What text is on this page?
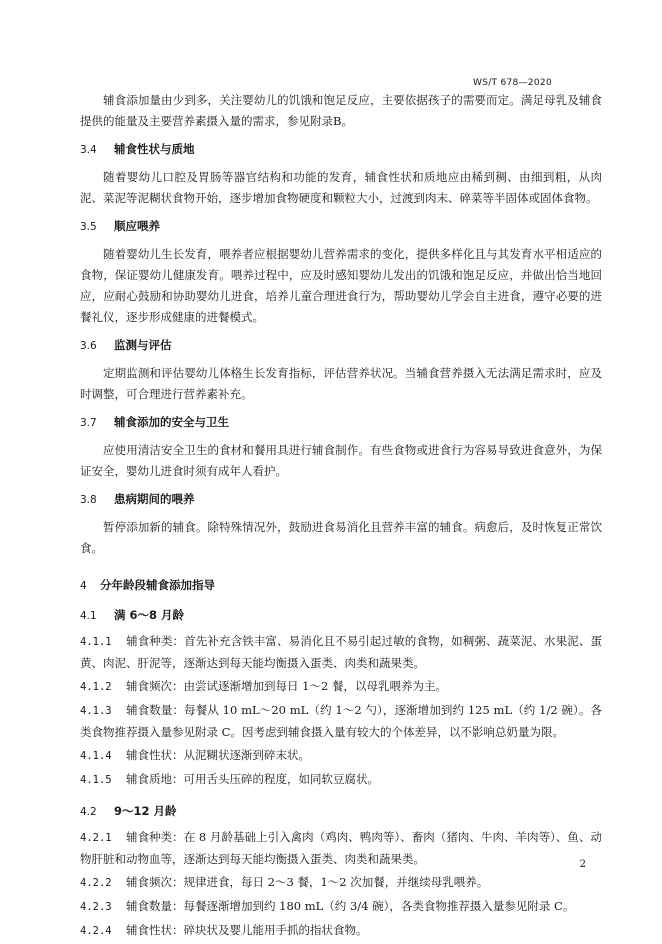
WS/T 678—2020

辅食添加量由少到多，关注婴幼儿的饥饿和饱足反应，主要依据孩子的需要而定。满足母乳及辅食提供的能量及主要营养素摄入量的需求，参见附录B。

3.4 辅食性状与质地

随着婴幼儿口腔及胃肠等器官结构和功能的发育，辅食性状和质地应由稀到稠、由细到粗，从肉泥、菜泥等泥糊状食物开始，逐步增加食物硬度和颗粒大小，过渡到肉末、碎菜等半固体或固体食物。

3.5 顺应喂养

随着婴幼儿生长发育，喂养者应根据婴幼儿营养需求的变化，提供多样化且与其发育水平相适应的食物，保证婴幼儿健康发育。喂养过程中，应及时感知婴幼儿发出的饥饿和饱足反应，并做出恰当地回应，应耐心鼓励和协助婴幼儿进食，培养儿童合理进食行为，帮助婴幼儿学会自主进食，遵守必要的进餐礼仪，逐步形成健康的进餐模式。

3.6 监测与评估

定期监测和评估婴幼儿体格生长发育指标，评估营养状况。当辅食营养摄入无法满足需求时，应及时调整，可合理进行营养素补充。

3.7 辅食添加的安全与卫生

应使用清洁安全卫生的食材和餐用具进行辅食制作。有些食物或进食行为容易导致进食意外，为保证安全，婴幼儿进食时须有成年人看护。

3.8 患病期间的喂养

暂停添加新的辅食。除特殊情况外，鼓励进食易消化且营养丰富的辅食。病愈后，及时恢复正常饮食。

4 分年龄段辅食添加指导
4.1 满 6～8 月龄
4.1.1 辅食种类：首先补充含铁丰富、易消化且不易引起过敏的食物，如稠粥、蔬菜泥、水果泥、蛋黄、肉泥、肝泥等，逐渐达到每天能均衡摄入蛋类、肉类和蔬果类。
4.1.2 辅食频次：由尝试逐渐增加到每日 1～2 餐，以母乳喂养为主。
4.1.3 辅食数量：每餐从 10 mL～20 mL（约 1～2 勺），逐渐增加到约 125 mL（约 1/2 碗）。各类食物推荐摄入量参见附录 C。因考虑到辅食摄入量有较大的个体差异，以不影响总奶量为限。
4.1.4 辅食性状：从泥糊状逐渐到碎末状。
4.1.5 辅食质地：可用舌头压碎的程度，如同软豆腐状。
4.2 9～12 月龄
4.2.1 辅食种类：在 8 月龄基础上引入禽肉（鸡肉、鸭肉等）、畜肉（猪肉、牛肉、羊肉等）、鱼、动物肝脏和动物血等，逐渐达到每天能均衡摄入蛋类、肉类和蔬果类。
4.2.2 辅食频次：规律进食，每日 2～3 餐，1～2 次加餐，并继续母乳喂养。
4.2.3 辅食数量：每餐逐渐增加到约 180 mL（约 3/4 碗），各类食物推荐摄入量参见附录 C。
4.2.4 辅食性状：碎块状及婴儿能用手抓的指状食物。
2
